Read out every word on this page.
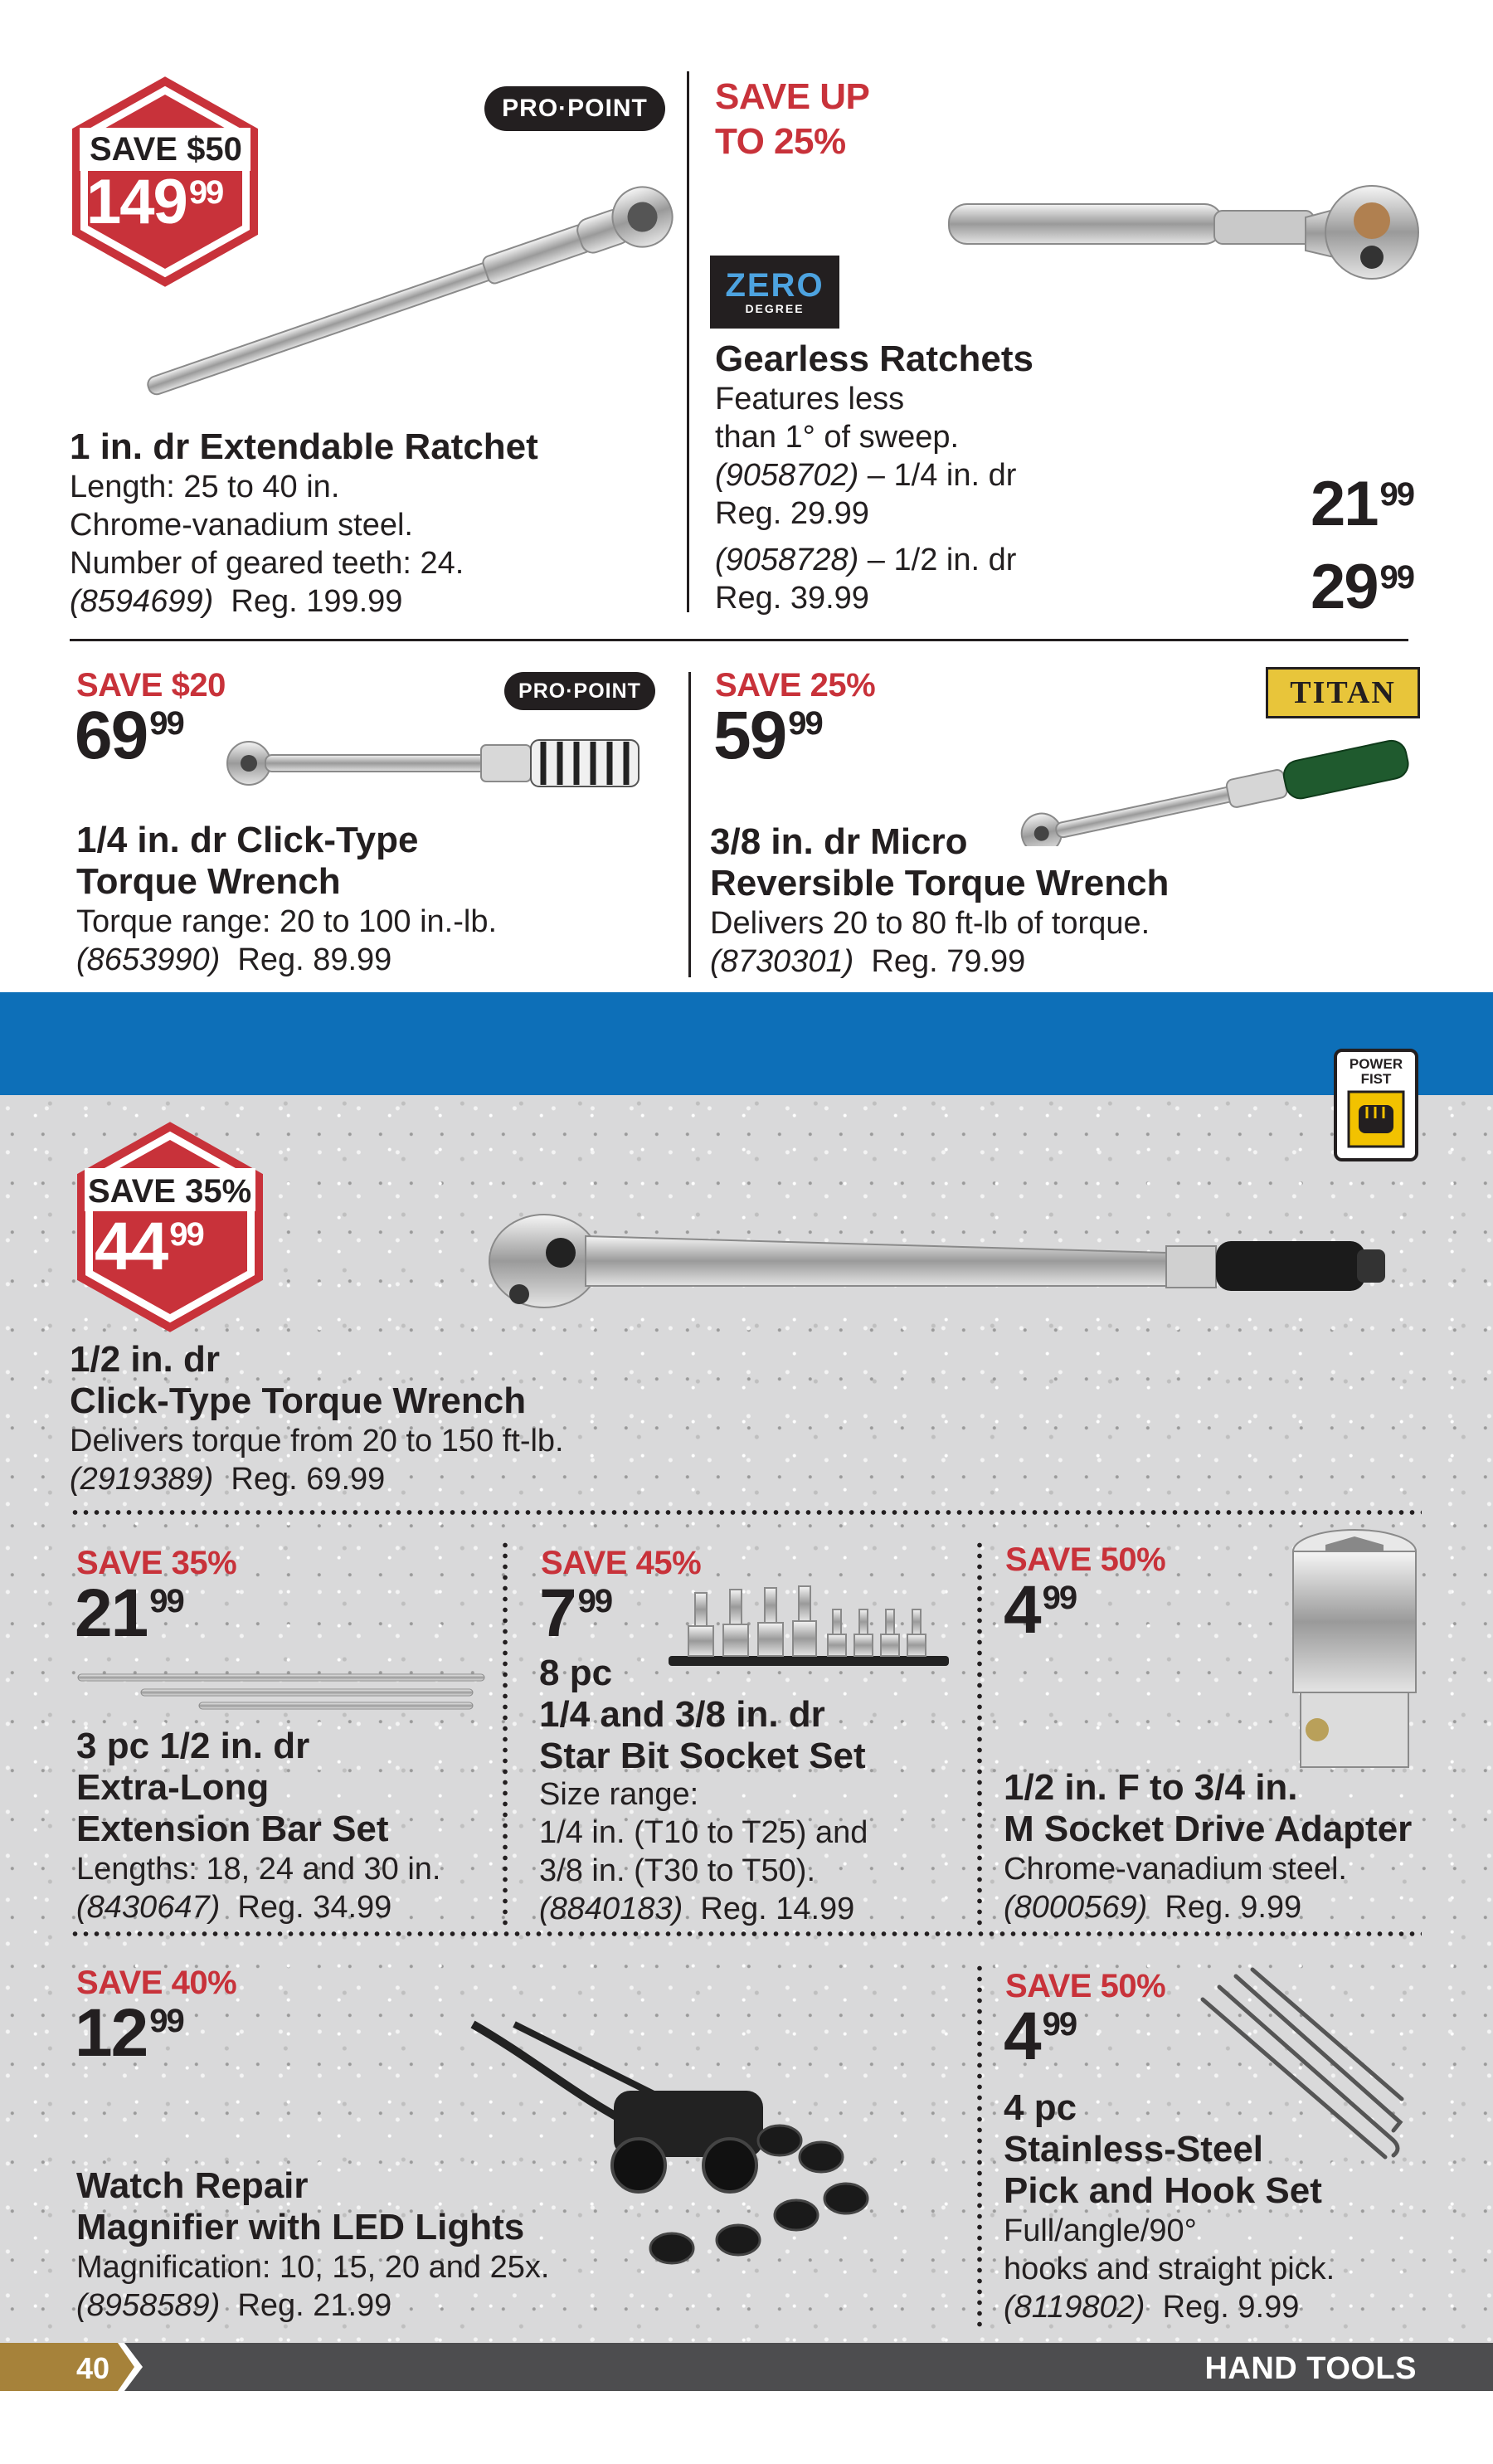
SAVE $50
14999
PRO·POINT
1 in. dr Extendable Ratchet
Length: 25 to 40 in.
Chrome-vanadium steel.
Number of geared teeth: 24.
(8594699) Reg. 199.99
SAVE UP
TO 25%
ZERO
DEGREE
Gearless Ratchets
Features less
than 1° of sweep.
(9058702) – 1/4 in. dr
Reg. 29.99	2199
(9058728) – 1/2 in. dr
Reg. 39.99	2999
SAVE $20
6999
PRO·POINT
1/4 in. dr Click-Type
Torque Wrench
Torque range: 20 to 100 in.-lb.
(8653990) Reg. 89.99
SAVE 25%
5999
TITAN
3/8 in. dr Micro
Reversible Torque Wrench
Delivers 20 to 80 ft-lb of torque.
(8730301) Reg. 79.99
POWER
FIST
SAVE 35%
4499
1/2 in. dr
Click-Type Torque Wrench
Delivers torque from 20 to 150 ft-lb.
(2919389) Reg. 69.99
SAVE 35%
2199
3 pc 1/2 in. dr
Extra-Long
Extension Bar Set
Lengths: 18, 24 and 30 in.
(8430647) Reg. 34.99
SAVE 45%
799
8 pc
1/4 and 3/8 in. dr
Star Bit Socket Set
Size range:
1/4 in. (T10 to T25) and
3/8 in. (T30 to T50).
(8840183) Reg. 14.99
SAVE 50%
499
1/2 in. F to 3/4 in.
M Socket Drive Adapter
Chrome-vanadium steel.
(8000569) Reg. 9.99
SAVE 40%
1299
Watch Repair
Magnifier with LED Lights
Magnification: 10, 15, 20 and 25x.
(8958589) Reg. 21.99
SAVE 50%
499
4 pc
Stainless-Steel
Pick and Hook Set
Full/angle/90°
hooks and straight pick.
(8119802) Reg. 9.99
40	HAND TOOLS
